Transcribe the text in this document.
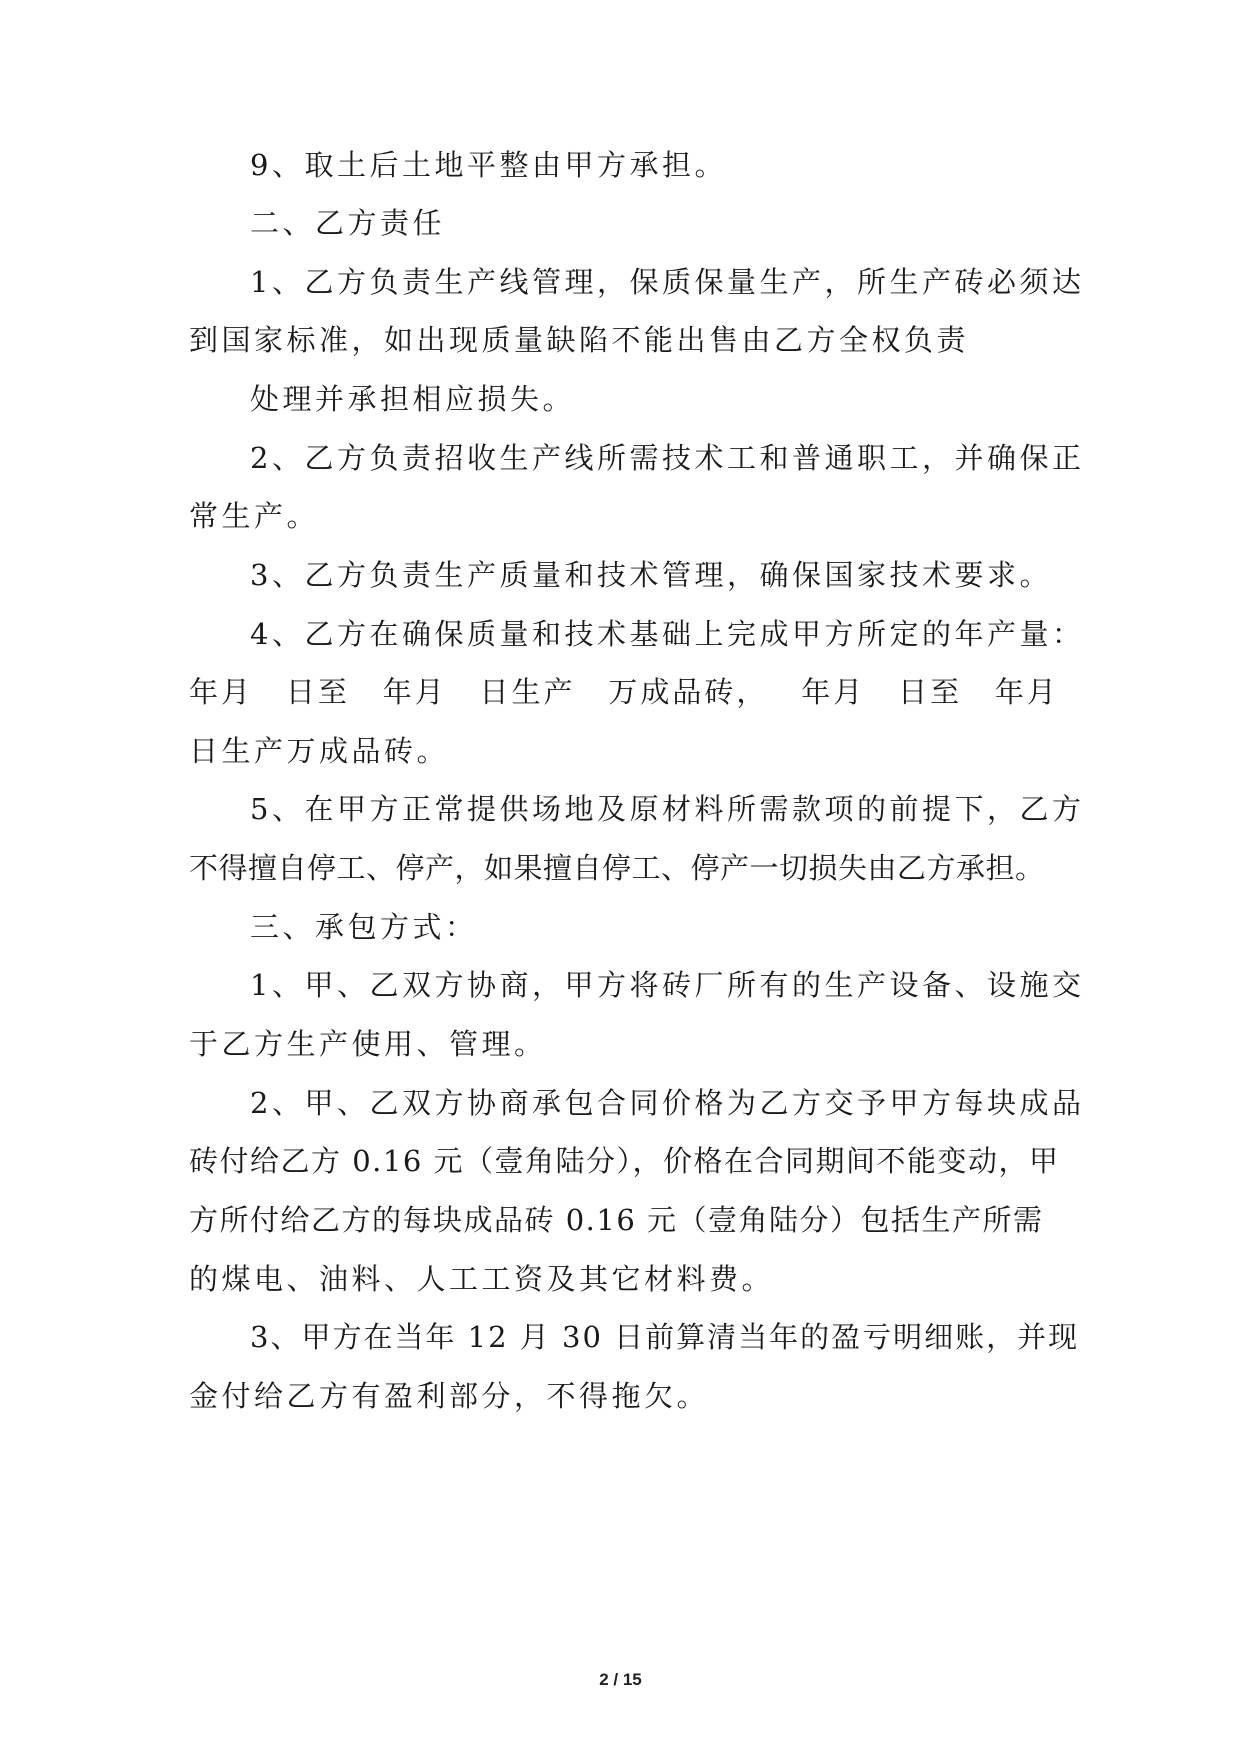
9、取土后土地平整由甲方承担。
二、乙方责任
1、乙方负责生产线管理，保质保量生产，所生产砖必须达
到国家标准，如出现质量缺陷不能出售由乙方全权负责
处理并承担相应损失。
2、乙方负责招收生产线所需技术工和普通职工，并确保正
常生产。
3、乙方负责生产质量和技术管理，确保国家技术要求。
4、乙方在确保质量和技术基础上完成甲方所定的年产量：
年月 日至 年月 日生产 万成品砖， 年月 日至 年月
日生产万成品砖。
5、在甲方正常提供场地及原材料所需款项的前提下，乙方
不得擅自停工、停产，如果擅自停工、停产一切损失由乙方承担。
三、承包方式：
1、甲、乙双方协商，甲方将砖厂所有的生产设备、设施交
于乙方生产使用、管理。
2、甲、乙双方协商承包合同价格为乙方交予甲方每块成品
砖付给乙方 0.16 元（壹角陆分），价格在合同期间不能变动，甲
方所付给乙方的每块成品砖 0.16 元（壹角陆分）包括生产所需
的煤电、油料、人工工资及其它材料费。
3、甲方在当年 12 月 30 日前算清当年的盈亏明细账，并现
金付给乙方有盈利部分，不得拖欠。
2 / 15
